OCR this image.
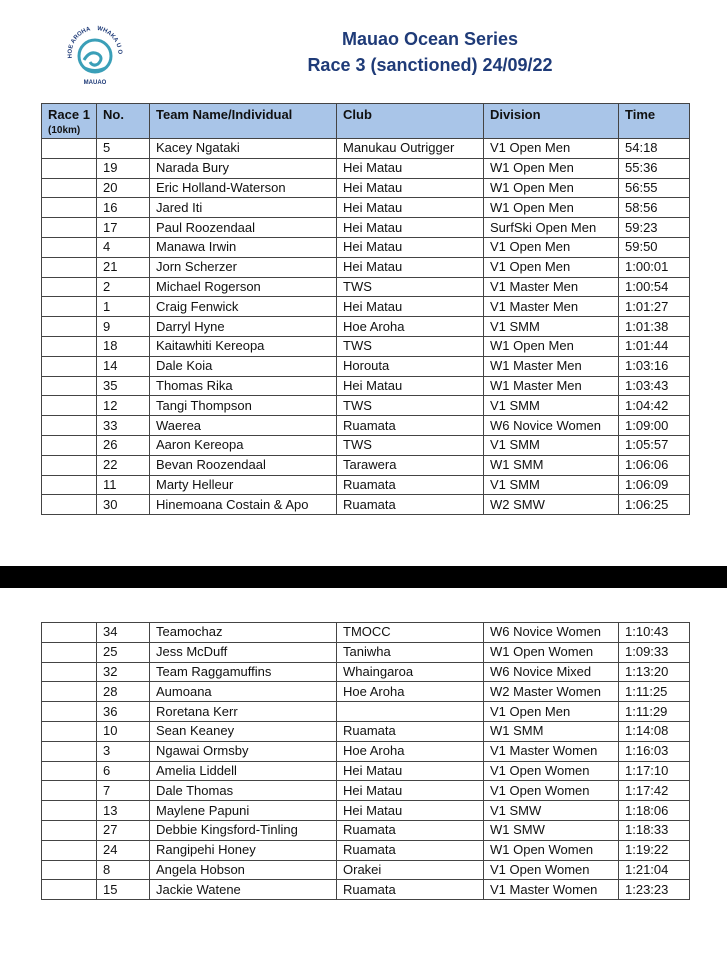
HOE AROHA WHAKA U O
MAUAO
Mauao Ocean Series
Race 3 (sanctioned) 24/09/22
Race 1
(10km)	No.	Team Name/Individual	Club	Division	Time
	5	Kacey Ngataki	Manukau Outrigger	V1 Open Men	54:18
	19	Narada Bury	Hei Matau	W1 Open Men	55:36
	20	Eric Holland-Waterson	Hei Matau	W1 Open Men	56:55
	16	Jared Iti	Hei Matau	W1 Open Men	58:56
	17	Paul Roozendaal	Hei Matau	SurfSki Open Men	59:23
	4	Manawa Irwin	Hei Matau	V1 Open Men	59:50
	21	Jorn Scherzer	Hei Matau	V1 Open Men	1:00:01
	2	Michael Rogerson	TWS	V1 Master Men	1:00:54
	1	Craig Fenwick	Hei Matau	V1 Master Men	1:01:27
	9	Darryl Hyne	Hoe Aroha	V1 SMM	1:01:38
	18	Kaitawhiti Kereopa	TWS	W1 Open Men	1:01:44
	14	Dale Koia	Horouta	W1 Master Men	1:03:16
	35	Thomas Rika	Hei Matau	W1 Master Men	1:03:43
	12	Tangi Thompson	TWS	V1 SMM	1:04:42
	33	Waerea	Ruamata	W6 Novice Women	1:09:00
	26	Aaron Kereopa	TWS	V1 SMM	1:05:57
	22	Bevan Roozendaal	Tarawera	W1 SMM	1:06:06
	11	Marty Helleur	Ruamata	V1 SMM	1:06:09
	30	Hinemoana Costain & Apo	Ruamata	W2 SMW	1:06:25
	34	Teamochaz	TMOCC	W6 Novice Women	1:10:43
	25	Jess McDuff	Taniwha	W1 Open Women	1:09:33
	32	Team Raggamuffins	Whaingaroa	W6 Novice Mixed	1:13:20
	28	Aumoana	Hoe Aroha	W2 Master Women	1:11:25
	36	Roretana Kerr		V1 Open Men	1:11:29
	10	Sean Keaney	Ruamata	W1 SMM	1:14:08
	3	Ngawai Ormsby	Hoe Aroha	V1 Master Women	1:16:03
	6	Amelia Liddell	Hei Matau	V1 Open Women	1:17:10
	7	Dale Thomas	Hei Matau	V1 Open Women	1:17:42
	13	Maylene Papuni	Hei Matau	V1 SMW	1:18:06
	27	Debbie Kingsford-Tinling	Ruamata	W1 SMW	1:18:33
	24	Rangipehi Honey	Ruamata	W1 Open Women	1:19:22
	8	Angela Hobson	Orakei	V1 Open Women	1:21:04
	15	Jackie Watene	Ruamata	V1 Master Women	1:23:23
